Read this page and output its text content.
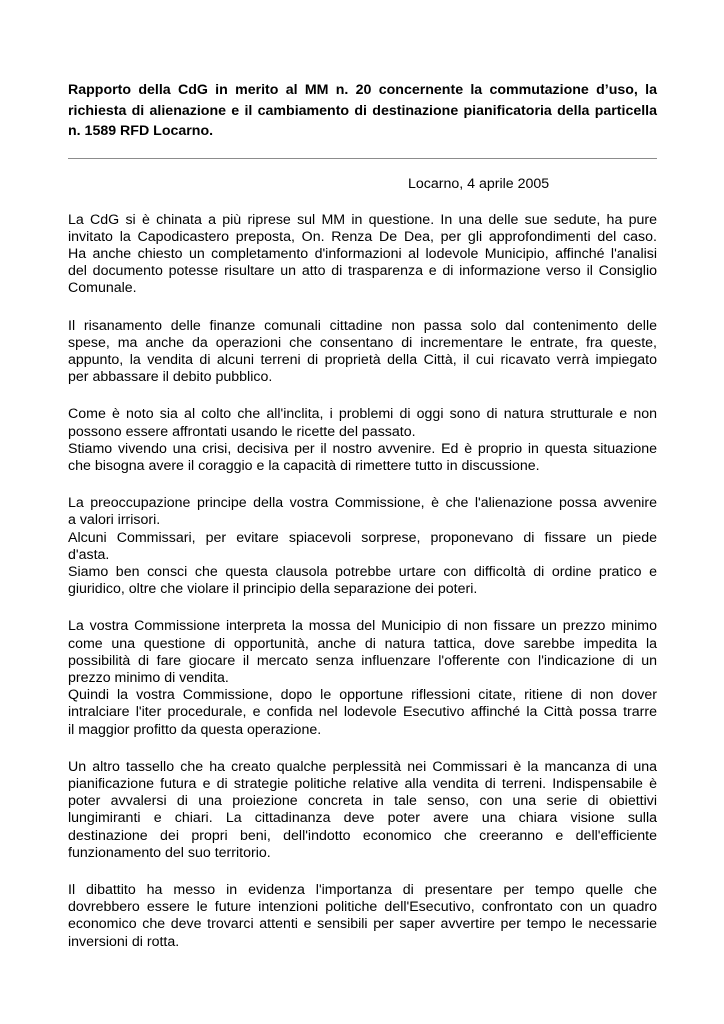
Rapporto della CdG in merito al MM n. 20 concernente la commutazione d’uso, la richiesta di alienazione e il cambiamento di destinazione pianificatoria della particella n. 1589 RFD Locarno.

Locarno, 4 aprile 2005
La CdG si è chinata a più riprese sul MM in questione. In una delle sue sedute, ha pure
invitato la Capodicastero preposta, On. Renza De Dea, per gli approfondimenti del caso.
Ha anche chiesto un completamento d'informazioni al lodevole Municipio, affinché l'analisi
del documento potesse risultare un atto di trasparenza e di informazione verso il Consiglio
Comunale.
Il risanamento delle finanze comunali cittadine non passa solo dal contenimento delle
spese, ma anche da operazioni che consentano di incrementare le entrate, fra queste,
appunto, la vendita di alcuni terreni di proprietà della Città, il cui ricavato verrà impiegato
per abbassare il debito pubblico.
Come è noto sia al colto che all'inclita, i problemi di oggi sono di natura strutturale e non
possono essere affrontati usando le ricette del passato.
Stiamo vivendo una crisi, decisiva per il nostro avvenire. Ed è proprio in questa situazione
che bisogna avere il coraggio e la capacità di rimettere tutto in discussione.
La preoccupazione principe della vostra Commissione, è che l'alienazione possa avvenire
a valori irrisori.
Alcuni Commissari, per evitare spiacevoli sorprese, proponevano di fissare un piede
d'asta.
Siamo ben consci che questa clausola potrebbe urtare con difficoltà di ordine pratico e
giuridico, oltre che violare il principio della separazione dei poteri.
La vostra Commissione interpreta la mossa del Municipio di non fissare un prezzo minimo
come una questione di opportunità, anche di natura tattica, dove sarebbe impedita la
possibilità di fare giocare il mercato senza influenzare l'offerente con l'indicazione di un
prezzo minimo di vendita.
Quindi la vostra Commissione, dopo le opportune riflessioni citate, ritiene di non dover
intralciare l'iter procedurale, e confida nel lodevole Esecutivo affinché la Città possa trarre
il maggior profitto da questa operazione.
Un altro tassello che ha creato qualche perplessità nei Commissari è la mancanza di una
pianificazione futura e di strategie politiche relative alla vendita di terreni. Indispensabile è
poter avvalersi di una proiezione concreta in tale senso, con una serie di obiettivi
lungimiranti e chiari. La cittadinanza deve poter avere una chiara visione sulla
destinazione dei propri beni, dell'indotto economico che creeranno e dell'efficiente
funzionamento del suo territorio.
Il dibattito ha messo in evidenza l'importanza di presentare per tempo quelle che
dovrebbero essere le future intenzioni politiche dell'Esecutivo, confrontato con un quadro
economico che deve trovarci attenti e sensibili per saper avvertire per tempo le necessarie
inversioni di rotta.
